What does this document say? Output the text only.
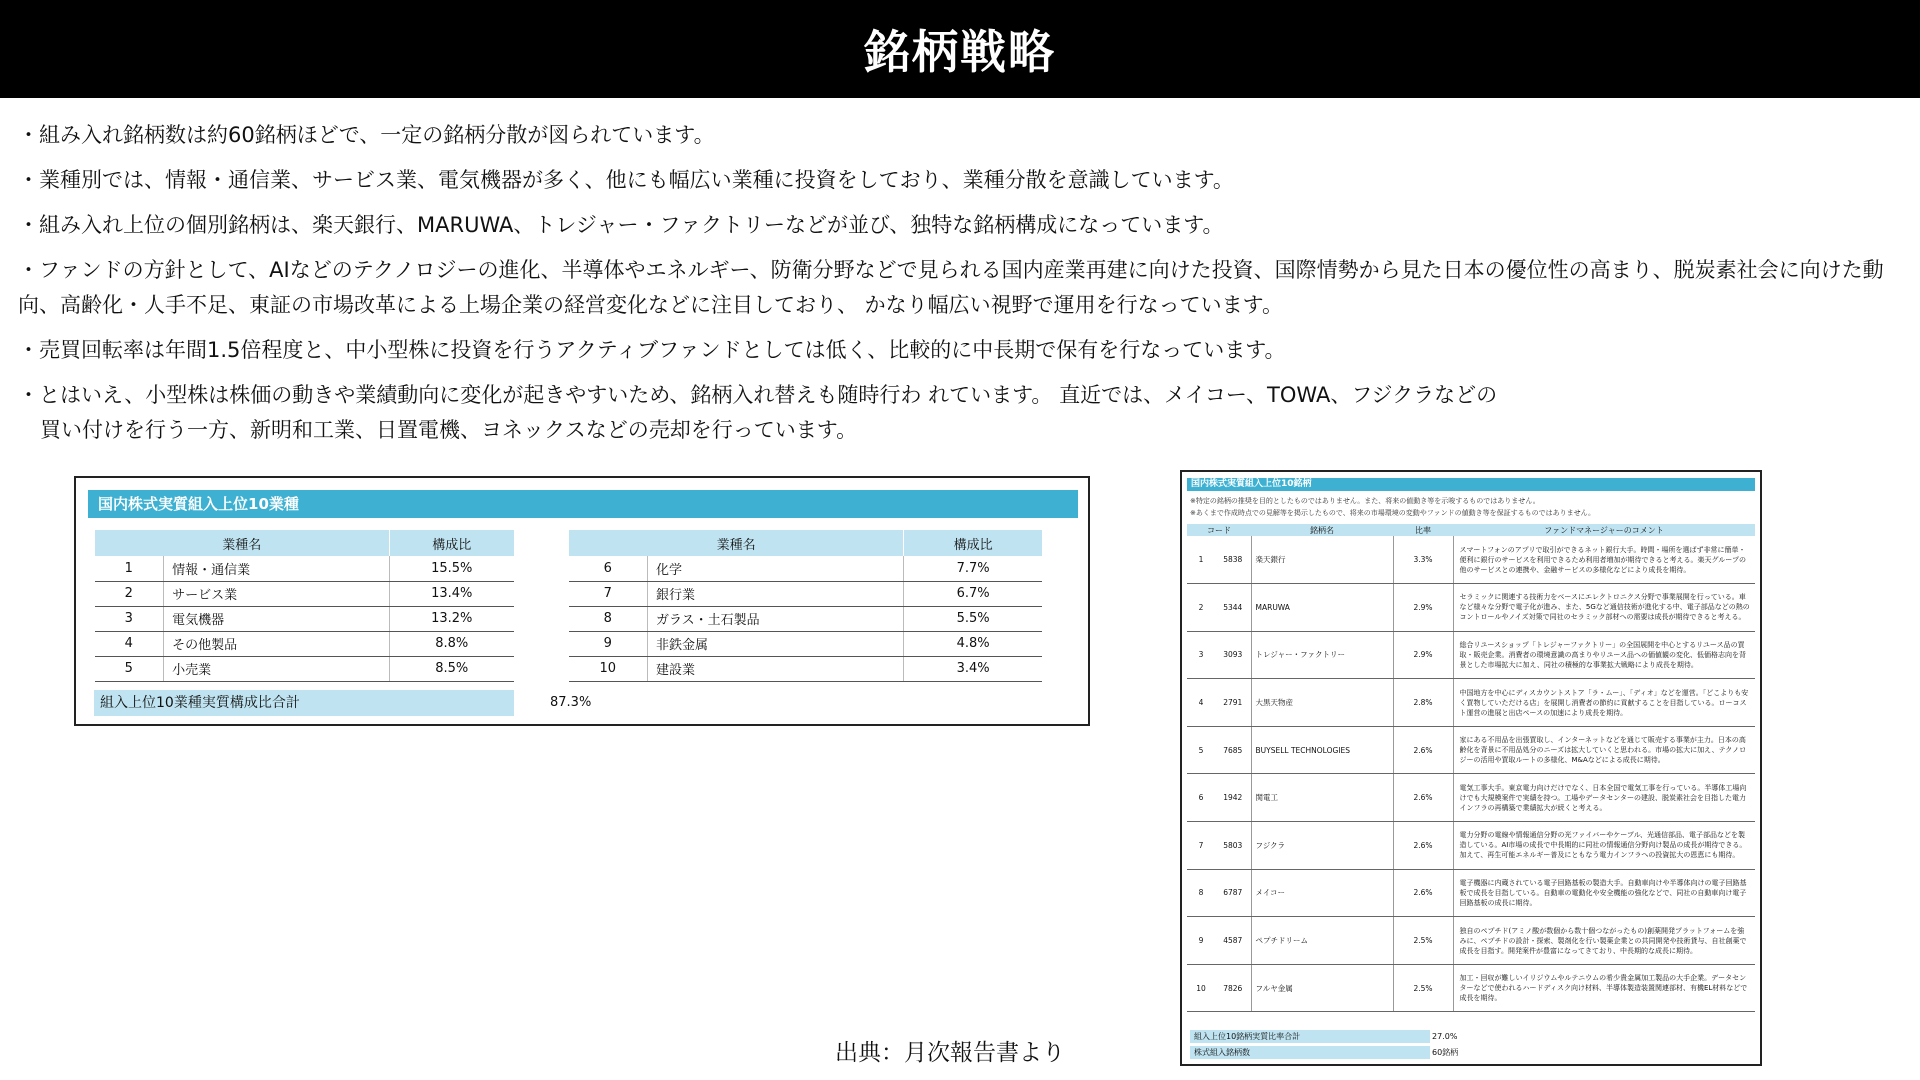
銘柄戦略

・組み入れ銘柄数は約60銘柄ほどで、一定の銘柄分散が図られています。

・業種別では、情報・通信業、サービス業、電気機器が多く、他にも幅広い業種に投資をしており、業種分散を意識しています。

・組み入れ上位の個別銘柄は、楽天銀行、MARUWA、トレジャー・ファクトリーなどが並び、独特な銘柄構成になっています。

・ファンドの方針として、AIなどのテクノロジーの進化、半導体やエネルギー、防衛分野などで見られる国内産業再建に向けた投資、国際情勢から見た日本の優位性の高まり、脱炭素社会に向けた動向、高齢化・人手不足、東証の市場改革による上場企業の経営変化などに注目しており、 かなり幅広い視野で運用を行なっています。

・売買回転率は年間1.5倍程度と、中小型株に投資を行うアクティブファンドとしては低く、比較的に中長期で保有を行なっています。

・とはいえ、小型株は株価の動きや業績動向に変化が起きやすいため、銘柄入れ替えも随時行わ れています。 直近では、メイコー、TOWA、フジクラなどの
買い付けを行う一方、新明和工業、日置電機、ヨネックスなどの売却を行っています。

国内株式実質組入上位10業種
業種名		構成比
1	情報・通信業	15.5%
2	サービス業	13.4%
3	電気機器	13.2%
4	その他製品	8.8%
5	小売業	8.5%
業種名		構成比
6	化学	7.7%
7	銀行業	6.7%
8	ガラス・土石製品	5.5%
9	非鉄金属	4.8%
10	建設業	3.4%
組入上位10業種実質構成比合計	87.3%
国内株式実質組入上位10銘柄
※特定の銘柄の推奨を目的としたものではありません。また、将来の値動き等を示唆するものではありません。
※あくまで作成時点での見解等を掲示したもので、将来の市場環境の変動やファンドの値動き等を保証するものではありません。
コード		銘柄名	比率	ファンドマネージャーのコメント
1	5838	楽天銀行	3.3%	スマートフォンのアプリで取引ができるネット銀行大手。時間・場所を選ばず非常に簡単・便利に銀行のサービスを利用できるため利用者増加が期待できると考える。楽天グループの他のサービスとの連携や、金融サービスの多様化などにより成長を期待。
2	5344	MARUWA	2.9%	セラミックに関連する技術力をベースにエレクトロニクス分野で事業展開を行っている。車など様々な分野で電子化が進み、また、5Gなど通信技術が進化する中、電子部品などの熱のコントロールやノイズ対策で同社のセラミック部材への需要は成長が期待できると考える。
3	3093	トレジャー・ファクトリー	2.9%	総合リユースショップ「トレジャーファクトリー」の全国展開を中心とするリユース品の買取・販売企業。消費者の環境意識の高まりやリユース品への価値観の変化、低価格志向を背景とした市場拡大に加え、同社の積極的な事業拡大戦略により成長を期待。
4	2791	大黒天物産	2.8%	中国地方を中心にディスカウントストア「ラ・ムー」、「ディオ」などを運営。「どこよりも安く買物していただける店」を展開し消費者の節約に貢献することを目指している。ローコスト運営の進展と出店ペースの加速により成長を期待。
5	7685	BUYSELL TECHNOLOGIES	2.6%	家にある不用品を出張買取し、インターネットなどを通じて販売する事業が主力。日本の高齢化を背景に不用品処分のニーズは拡大していくと思われる。市場の拡大に加え、テクノロジーの活用や買取ルートの多様化、M&Aなどによる成長に期待。
6	1942	関電工	2.6%	電気工事大手。東京電力向けだけでなく、日本全国で電気工事を行っている。半導体工場向けでも大規模案件で実績を持つ。工場やデータセンターの建設、脱炭素社会を目指した電力インフラの再構築で業績拡大が続くと考える。
7	5803	フジクラ	2.6%	電力分野の電線や情報通信分野の光ファイバーやケーブル、光通信部品、電子部品などを製造している。AI市場の成長で中長期的に同社の情報通信分野向け製品の成長が期待できる。加えて、再生可能エネルギー普及にともなう電力インフラへの投資拡大の恩恵にも期待。
8	6787	メイコー	2.6%	電子機器に内蔵されている電子回路基板の製造大手。自動車向けや半導体向けの電子回路基板で成長を目指している。自動車の電動化や安全機能の強化などで、同社の自動車向け電子回路基板の成長に期待。
9	4587	ペプチドリーム	2.5%	独自のペプチド(アミノ酸が数個から数十個つながったもの)創薬開発プラットフォームを強みに、ペプチドの設計・探索、製剤化を行い製薬企業との共同開発や技術貸与、自社創薬で成長を目指す。開発案件が豊富になってきており、中長期的な成長に期待。
10	7826	フルヤ金属	2.5%	加工・回収が難しいイリジウムやルテニウムの希少貴金属加工製品の大手企業。データセンターなどで使われるハードディスク向け材料、半導体製造装置関連部材、有機EL材料などで成長を期待。
組入上位10銘柄実質比率合計	27.0%
株式組入銘柄数	60銘柄
出典：月次報告書より
